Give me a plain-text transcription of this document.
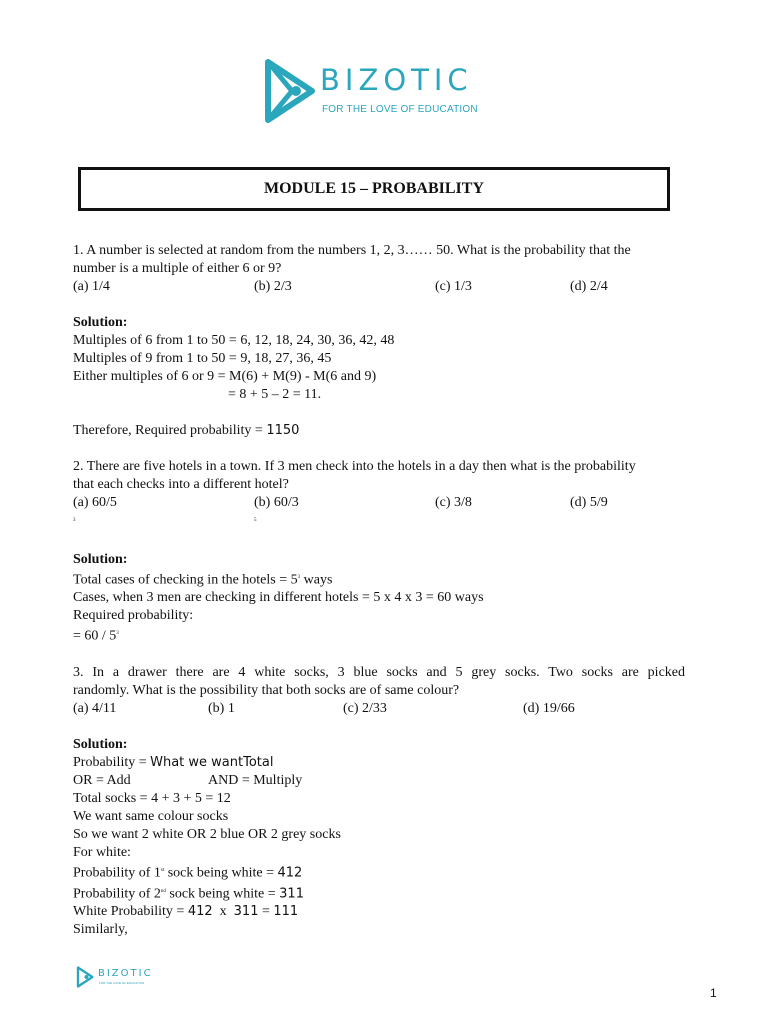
BIZOTIC
FOR THE LOVE OF EDUCATION
MODULE 15 – PROBABILITY
1. A number is selected at random from the numbers 1, 2, 3…… 50. What is the probability that the
number is a multiple of either 6 or 9?
(a) 1/4	(b) 2/3	(c) 1/3	(d) 2/4
Solution:
Multiples of 6 from 1 to 50 = 6, 12, 18, 24, 30, 36, 42, 48
Multiples of 9 from 1 to 50 = 9, 18, 27, 36, 45
Either multiples of 6 or 9 = M(6) + M(9) - M(6 and 9)
= 8 + 5 – 2 = 11.
Therefore, Required probability = 1150
2. There are five hotels in a town. If 3 men check into the hotels in a day then what is the probability
that each checks into a different hotel?
(a) 60/5
$^3$
(b) 60/3
$^5$
(c) 3/8	(d) 5/9
Solution:
Total cases of checking in the hotels = $5^3$ ways
Cases, when 3 men are checking in different hotels = 5 x 4 x 3 = 60 ways
Required probability:
= $60 / 5^3$
3. In a drawer there are 4 white socks, 3 blue socks and 5 grey socks. Two socks are picked
randomly. What is the possibility that both socks are of same colour?
(a) 4/11	(b) 1	(c) 2/33	(d) 19/66
Solution:
Probability = What we wantTotal
OR = Add	AND = Multiply
Total socks = 4 + 3 + 5 = 12
We want same colour socks
So we want 2 white OR 2 blue OR 2 grey socks
For white:
Probability of 1st sock being white = 412
Probability of 2nd sock being white = 311
White Probability = 412  x  311 = 111
Similarly,
BIZOTIC
FOR THE LOVE OF EDUCATION
1
